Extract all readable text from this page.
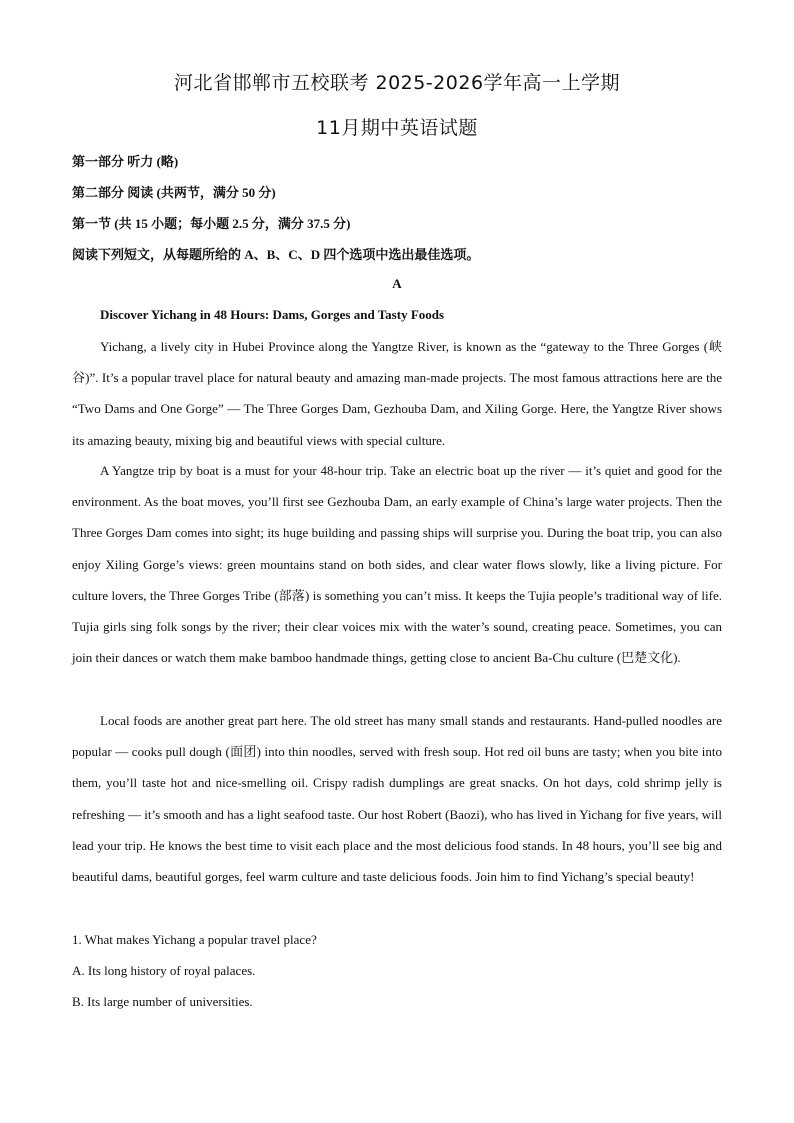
河北省邯郸市五校联考 2025-2026学年高一上学期
11月期中英语试题
第一部分 听力 (略)
第二部分 阅读 (共两节，满分 50 分)
第一节 (共 15 小题；每小题 2.5 分，满分 37.5 分)
阅读下列短文，从每题所给的 A、B、C、D 四个选项中选出最佳选项。
A
Discover Yichang in 48 Hours: Dams, Gorges and Tasty Foods

Yichang, a lively city in Hubei Province along the Yangtze River, is known as the “gateway to the Three Gorges (峡谷)”. It’s a popular travel place for natural beauty and amazing man-made projects. The most famous attractions here are the “Two Dams and One Gorge” — The Three Gorges Dam, Gezhouba Dam, and Xiling Gorge. Here, the Yangtze River shows its amazing beauty, mixing big and beautiful views with special culture.

A Yangtze trip by boat is a must for your 48-hour trip. Take an electric boat up the river — it’s quiet and good for the environment. As the boat moves, you’ll first see Gezhouba Dam, an early example of China’s large water projects. Then the Three Gorges Dam comes into sight; its huge building and passing ships will surprise you. During the boat trip, you can also enjoy Xiling Gorge’s views: green mountains stand on both sides, and clear water flows slowly, like a living picture. For culture lovers, the Three Gorges Tribe (部落) is something you can’t miss. It keeps the Tujia people’s traditional way of life. Tujia girls sing folk songs by the river; their clear voices mix with the water’s sound, creating peace. Sometimes, you can join their dances or watch them make bamboo handmade things, getting close to ancient Ba-Chu culture (巴楚文化).

Local foods are another great part here. The old street has many small stands and restaurants. Hand-pulled noodles are popular — cooks pull dough (面团) into thin noodles, served with fresh soup. Hot red oil buns are tasty; when you bite into them, you’ll taste hot and nice-smelling oil. Crispy radish dumplings are great snacks. On hot days, cold shrimp jelly is refreshing — it’s smooth and has a light seafood taste. Our host Robert (Baozi), who has lived in Yichang for five years, will lead your trip. He knows the best time to visit each place and the most delicious food stands. In 48 hours, you’ll see big and beautiful dams, beautiful gorges, feel warm culture and taste delicious foods. Join him to find Yichang’s special beauty!

1. What makes Yichang a popular travel place?
A. Its long history of royal palaces.
B. Its large number of universities.
